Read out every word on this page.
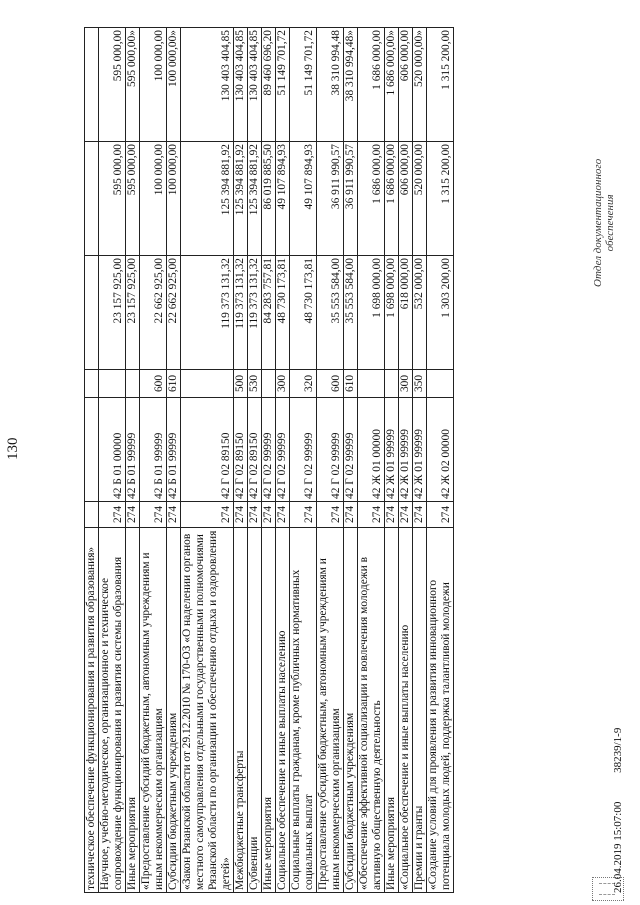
130
техническое обеспечение функционирования и развития образования»						
Научное, учебно-методическое, организационное и техническое сопровождение функционирования и развития системы образования	274	42 Б 01 00000		23 157 925,00	595 000,00	595 000,00
Иные мероприятия	274	42 Б 01 99999		23 157 925,00	595 000,00	595 000,00»
«Предоставление субсидий бюджетным, автономным учреждениям и иным некоммерческим организациям	274	42 Б 01 99999	600	22 662 925,00	100 000,00	100 000,00
Субсидии бюджетным учреждениям	274	42 Б 01 99999	610	22 662 925,00	100 000,00	100 000,00»
«Закон Рязанской области от 29.12.2010 № 170-ОЗ «О наделении органов местного самоуправления отдельными государственными полномочиями Рязанской области по организации и обеспечению отдыха и оздоровления детей»	274	42 Г 02 89150		119 373 131,32	125 394 881,92	130 403 404,85
Межбюджетные трансферты	274	42 Г 02 89150	500	119 373 131,32	125 394 881,92	130 403 404,85
Субвенции	274	42 Г 02 89150	530	119 373 131,32	125 394 881,92	130 403 404,85
Иные мероприятия	274	42 Г 02 99999		84 283 757,81	86 019 885,50	89 460 696,20
Социальное обеспечение и иные выплаты населению	274	42 Г 02 99999	300	48 730 173,81	49 107 894,93	51 149 701,72
Социальные выплаты гражданам, кроме публичных нормативных социальных выплат	274	42 Г 02 99999	320	48 730 173,81	49 107 894,93	51 149 701,72
Предоставление субсидий бюджетным, автономным учреждениям и иным некоммерческим организациям	274	42 Г 02 99999	600	35 553 584,00	36 911 990,57	38 310 994,48
Субсидии бюджетным учреждениям	274	42 Г 02 99999	610	35 553 584,00	36 911 990,57	38 310 994,48»
«Обеспечение эффективной социализации и вовлечения молодежи в активную общественную деятельность	274	42 Ж 01 00000		1 698 000,00	1 686 000,00	1 686 000,00
Иные мероприятия	274	42 Ж 01 99999		1 698 000,00	1 686 000,00	1 686 000,00»
«Социальное обеспечение и иные выплаты населению	274	42 Ж 01 99999	300	618 000,00	606 000,00	606 000,00
Премии и гранты	274	42 Ж 01 99999	350	532 000,00	520 000,00	520 000,00»
«Создание условий для проявления и развития инновационного потенциала молодых людей, поддержка талантливой молодежи	274	42 Ж 02 00000		1 303 200,00	1 315 200,00	1 315 200,00
26.04.2019 15:07:00 38239/1-9
Отдел документационного обеспечения
